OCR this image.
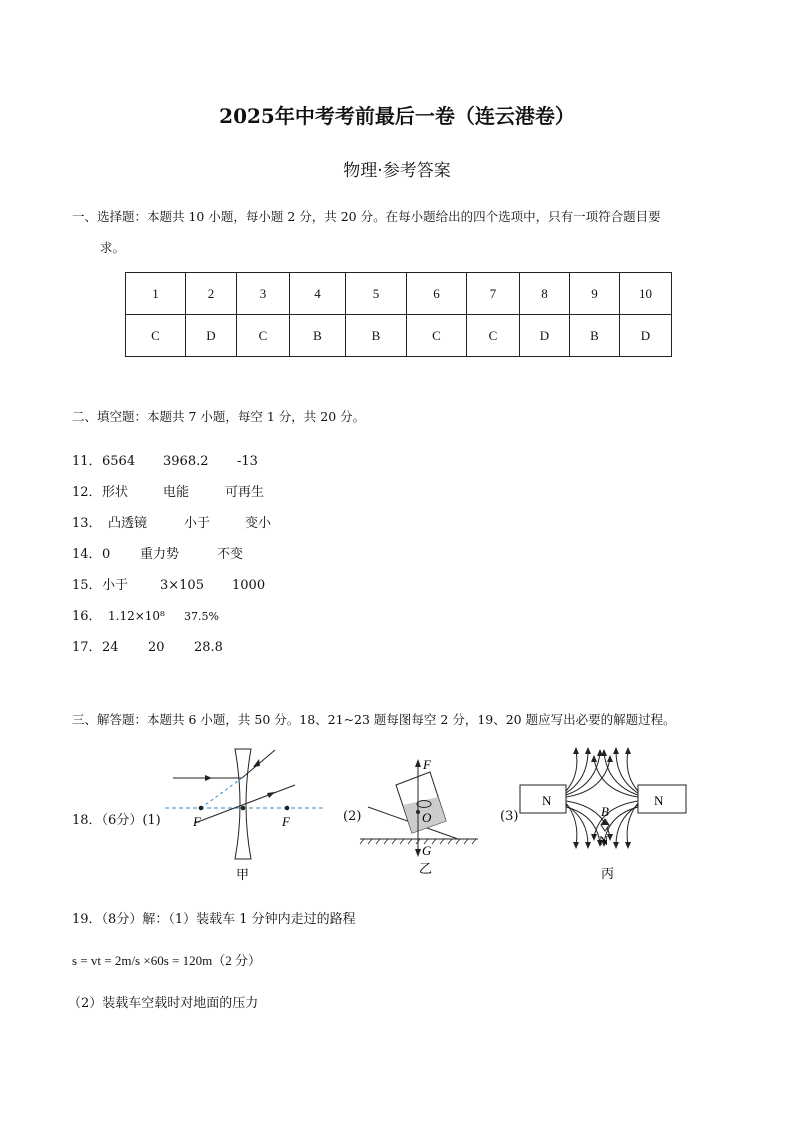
2025年中考考前最后一卷（连云港卷）
物理·参考答案
一、选择题：本题共 10 小题，每小题 2 分，共 20 分。在每小题给出的四个选项中，只有一项符合题目要
求。
1	2	3	4	5	6	7	8	9	10
C	D	C	B	B	C	C	D	B	D
二、填空题：本题共 7 小题，每空 1 分，共 20 分。
11．6564 3968.2 -13
12．形状	电能	可再生
13． 凸透镜	小于	变小
14．0 重力势	不变
15．小于 3×105 1000
16． 1.12×10⁸ 37.5%
17．24 20 28.8
三、解答题：本题共 6 小题，共 50 分。18、21~23 题每图每空 2 分，19、20 题应写出必要的解题过程。
18．（6分）(1)	(2)	(3)
F	F
甲
F
O
G
乙
N	N
B
N
丙
19．（8分）解：（1）装载车 1 分钟内走过的路程
s = vt = 2m/s ×60s = 120m（2 分）
（2）装载车空载时对地面的压力
